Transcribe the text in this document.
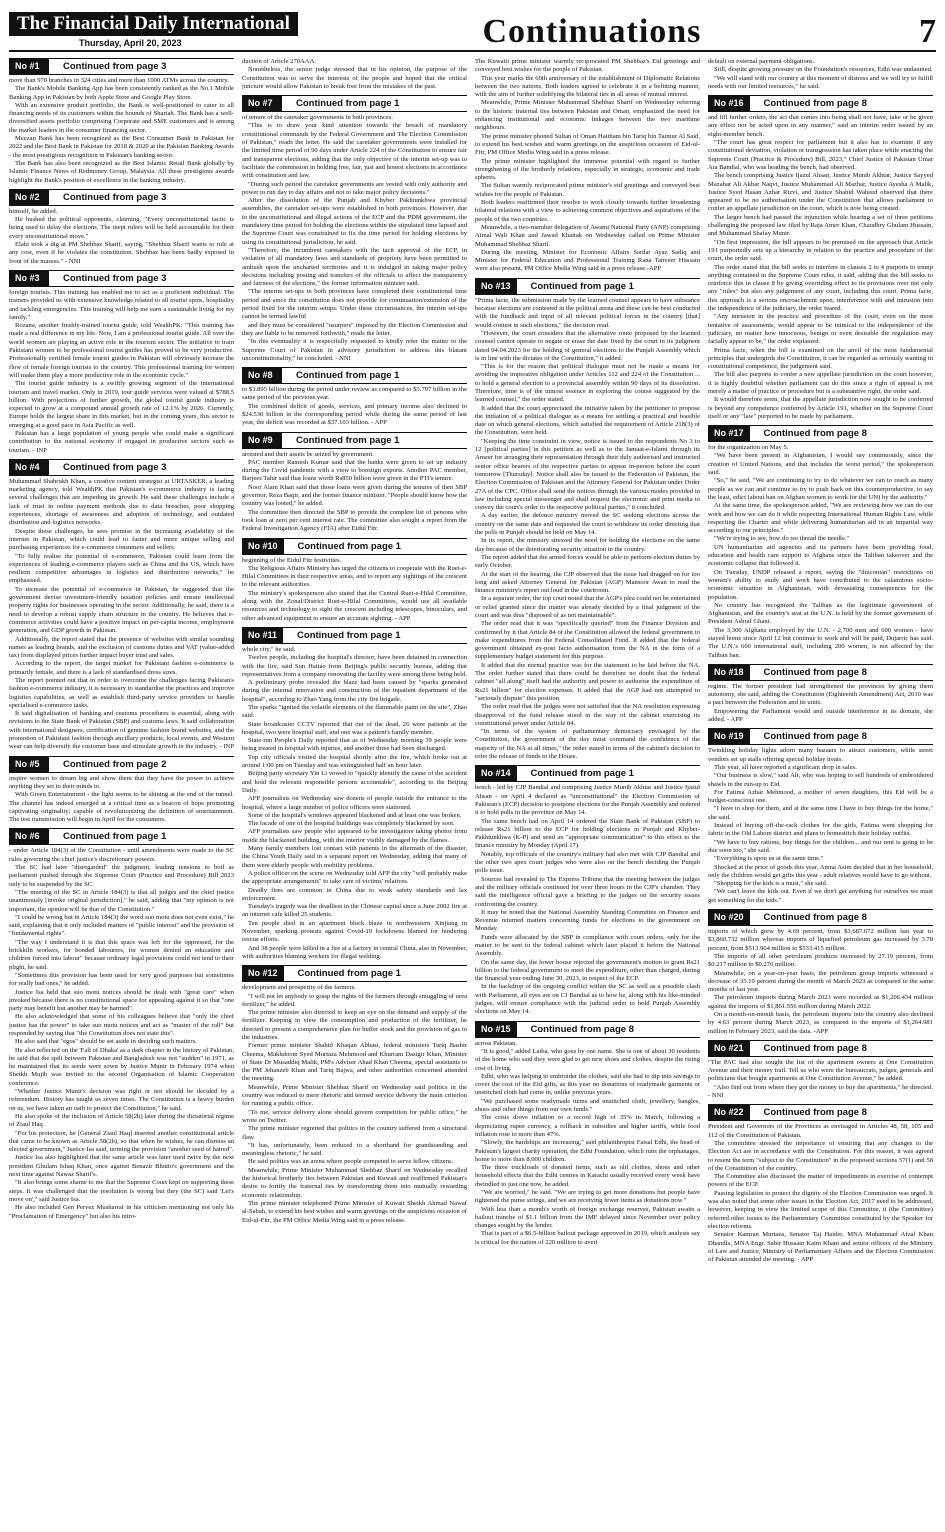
The Financial Daily International
Thursday, April 20, 2023	Continuations	7
No #1	Continued from page 3

more than 970 branches in 324 cities and more than 1000 ATMs across the country.

The Bank's Mobile Banking App has been consistently ranked as the No.1 Mobile Banking App in Pakistan by both Apple Store and Google Play Store.

With an extensive product portfolio, the Bank is well-positioned to cater to all financing needs of its customers within the bounds of Shariah. The Bank has a well-diversified assets portfolio comprising Corporate and SME customers and is among the market leaders in the consumer financing sector.

Meezan Bank has been recognized as the Best Consumer Bank in Pakistan for 2022 and the Best Bank in Pakistan for 2018 & 2020 at the Pakistan Banking Awards - the most prestigious recognition in Pakistan's banking sector.

The Bank has also been recognized as the Best Islamic Retail Bank globally by Islamic Finance News of Redmoney Group, Malaysia. All these prestigious awards highlight the Bank's position of excellence in the banking industry.

No #2	Continued from page 3

himself, he added.

He hushed the political opponents, claiming, "Every unconstitutional tactic is being used to delay the elections. The inept rulers will be held accountable for their every unconstitutional move."

Elahi took a dig at PM Shehbaz Sharif, saying, "Shehbaz Sharif wants to rule at any cost, even if he violates the constitution. Shehbaz has been badly exposed in front of the masses." - NNI

No #3	Continued from page 3

foreign tourists. This training has enabled me to act as a proficient individual. The trainers provided us with extensive knowledge related to all tourist spots, hospitality and tackling emergencies. This training will help me earn a sustainable living for my family."

Rozana, another freshly-trained tourist guide, told WealthPK: "This training has made a real difference in my life. Now, I am a professional tourist guide. All over the world women are playing an active role in the tourism sector. The initiative to train Pakistani women to be professional tourist guides has proved to be very productive. Professionally certified female tourist guides in Pakistan will obviously increase the flow of female foreign tourists to the country. This professional training for women will make them play a more productive role in the economic cycle."

The tourist guide industry is a swiftly growing segment of the international tourism and travel market. Only in 2019, tour guide services were valued at $788.5 billion. With projections of further growth, the global tourist guide industry is expected to grow at a compound annual growth rate of 12.1% by 2026. Currently, Europe holds the largest share in this market, but in the coming years, this sector is emerging at a good pace in Asia Pacific as well.

Pakistan has a large population of young people who could make a significant contribution to the national economy if engaged in productive sectors such as tourism. - INP

No #4	Continued from page 3

Muhammad Shahrukh Khan, a creative content strategist at URTASKER, a leading marketing agency, told WealthPK that Pakistan's e-commerce industry is facing several challenges that are impeding its growth. He said these challenges include a lack of trust in online payment methods due to data breaches, poor shopping experiences, shortage of awareness and adoption of technology, and outdated distribution and logistics networks.

Despite these challenges, he sees promise in the increasing availability of the internet in Pakistan, which could lead to faster and more unique selling and purchasing experiences for e-commerce consumers and sellers.

"To fully realise the potential of e-commerce, Pakistan could learn from the experiences of leading e-commerce players such as China and the US, which have resilient competitive advantages in logistics and distribution networks," he emphasised.

To increase the potential of e-commerce in Pakistan, he suggested that the government devise investment-friendly taxation policies and ensure intellectual property rights for businesses operating in the sector. Additionally, he said, there is a need to develop a robust supply chain structure in the country. He believes that e-commerce activities could have a positive impact on per-capita income, employment generation, and GDP growth in Pakistan.

Additionally, the report stated that the presence of websites with similar sounding names as leading brands, and the exclusion of customs duties and VAT (value-added tax) from displayed prices further impact buyer trust and sales.

According to the report, the target market for Pakistani fashion e-commerce is primarily female, and there is a lack of standardised dress sizes.

The report pointed out that in order to overcome the challenges facing Pakistan's fashion e-commerce industry, it is necessary to standardise the practices and improve logistics capabilities, as well as establish third-party service providers to handle specialised e-commerce tasks.

It said digitalisation of banking and customs procedures is essential, along with revisions to the State Bank of Pakistan (SBP) and customs laws. It said collaboration with international designers, certification of genuine fashion brand websites, and the promotion of Pakistani fashion through ancillary products, local events, and Western wear can help diversify the customer base and stimulate growth in the industry. - INP

No #5	Continued from page 2

inspire women to dream big and show them that they have the power to achieve anything they set to their minds to.

With Green Entertainment - the light seems to be shining at the end of the tunnel. The channel has indeed emerged at a critical time as a beacon of hope promoting captivating originality; capable of revolutionizing the definition of entertainment. The test transmission will begin in April for the consumers.

No #6	Continued from page 1

- under Article 184(3) of the Constitution - until amendments were made to the SC rules governing the chief justice's discretionary powers.

The SC had later "disregarded" the judgment, leading tensions to boil as parliament pushed through the Supreme Court (Practice and Procedure) Bill 2023 only to be suspended by the SC.

"The meeting of the SC in Article 184(3) is that all judges and the chief justice unanimously [invoke original jurisdiction]," he said, adding that "my opinion is not important, the opinion will be that of the Constitution."

"I could be wrong but in Article 184(3) the word suo motu does not even exist," he said, explaining that it only included matters of "public interest" and the provision of "fundamental rights".

"The way I understand it is that this space was left for the oppressed, for the brickkiln workers, for bonded labourers, for women denied an education and children forced into labour" because ordinary legal provisions could not tend to their plight, he said.

"Sometimes this provision has been used for very good purposes but sometimes for really bad ones," he added.

Justice Isa held that suo motu notices should be dealt with "great care" when invoked because there is no constitutional space for appealing against it so that "one party may benefit but another may be harmed".

He also acknowledged that some of his colleagues believe that "only the chief justice has the power" to take suo motu notices and act as "master of the roll" but responded by saying that "the Constitution does not state this".

He also said that "egos" should be set aside in deciding such matters.

He also reflected on the 'Fall of Dhaka' as a dark chapter in the history of Pakistan, he said that the spilt between Pakistan and Bangladesh was not "sudden" in 1971, as he maintained that its seeds were sown by Justice Munir in February 1974 when Sheikh Mujib was invited to the second Organisation of Islamic Cooperation conference.

"Whether Justice Munir's decision was right or not should be decided by a referendum. History has taught us seven times. The Constitution is a heavy burden on us, we have taken an oath to protect the Constitution," he said.

He also spoke of the inclusion of Article 58(2b) later during the dictatorial regime of Ziaul Haq.

"For his protection, he [General Ziaul Haq] inserted another constitutional article that came to be known as Article 58(2b), so that when he wishes, he can dismiss an elected government," Justice Isa said, terming the provision "another seed of hatred".

Justice Isa also highlighted that the same article was later used twice by the next president Ghulam Ishaq Khan, once against Benazir Bhutto's government and the next time against Nawaz Sharif's.

"It also brings some shame to me that the Supreme Court kept on supporting these steps. It was challenged that the resolution is wrong but they (the SC) said 'Let's move on'," said Justice Isa.

He also included Gen Pervez Musharraf in his criticism mentioning not only his "Proclamation of Emergency" but also his intro-

duction of Article 270AAA.

Nonetheless, the senior judge stressed that in his opinion, the purpose of the Constitution was to serve the interests of the people and hoped that the critical juncture would allow Pakistan to break free from the mistakes of the past.

No #7	Continued from page 1

of tenure of the caretaker governments in both provinces.

"This is to draw your kind attention towards the breach of mandatory constitutional commands by the Federal Government and The Election Commission of Pakistan," reads the letter. He said the caretaker governments were installed for the limited time period of 90 days under Article 224 of the Constitution to ensure fair and transparent elections, adding that the only objective of the interim set-up was to facilitate the commission in holding free, fair, just and honest elections in accordance with constitution and law.

"During such period the caretaker governments are vested with only authority and power to run day to day affairs and not to take major policy decisions."

After the dissolution of the Punjab and Khyber Pakhtunkhwa provincial assemblies, the caretaker set-ups were established in both provinces. However, due to the unconstitutional and illegal actions of the ECP and the PDM government, the mandatory time period for holding the elections within the stipulated time lapsed and the Supreme Court was constrained to fix the time period for holding elections by using its constitutional jurisdiction, he said.

"Therefore, the incumbent caretakers with the tacit approval of the ECP, in violation of all mandatory laws and standards of propriety have been permitted to ambush upon the uncharted territories and it is indulged in taking major policy decisions including posting and transfers of the officials to affect the transparency and fairness of the elections," the former information minister said.

"The interim set-ups in both provinces have completed their constitutional time period and since the constitution does not provide for continuation/extension of the period fixed for the interim setups. Under these circumstances, the interim set-ups cannot be termed lawful

and they must be considered "usurpers" imposed by the Election Commission and they are liable to be removed forthwith," reads the letter.

"In this eventuality it is respectfully requested to kindly refer the matter to the Supreme Court of Pakistan in advisory jurisdiction to address this blatant unconstitutionality," he concluded. - NNI

No #8	Continued from page 1

to $3.895 billion during the period under review as compared to $3.797 billion in the same period of the previous year.

The combined deficit of goods, services, and primary income also declined to $24.530 billion in the corresponding period while during the same period of last year, the deficit was recorded at $37.103 billion. - APP

No #9	Continued from page 1

arrested and their assets be seized by government.

PAC member Ramesh Kumar said that the banks were given to set up industry during the Covid pandemic with a view to boostign exports. Another PAC member, Barjees Tahir said that loans worth Rs850 billion were given in the PTI's tenure.

Noor Alam Khan said that those loans were given during the tenures of then SBP governor, Reza Baqir, and the former finance minister. "People should know how the country was looted," he added.

The committee then directed the SBP to provide the complete list of persons who took loan at zero per cent interest rate. The committee also sought a report from the Federal Investigation Agency (FIA) after Eidul Fitr.

No #10	Continued from page 1

beginning of the Eidul Fitr festivities.

The Religious Affairs Ministry has urged the citizens to cooperate with the Ruet-e-Hilal Committees in their respective areas, and to report any sightings of the crescent to the relevant authorities.

The ministry's spokesperson also stated that the Central Ruet-e-Hilal Committee, along with the Zonal/District Ruet-e-Hilal Committees, would use all available resources and technology to sight the crescent including telescopes, binoculars, and other advanced equipment to ensure an accurate sighting. - APP

No #11	Continued from page 1

whole city," he said.

Twelve people, including the hospital's director, have been detained in connection with the fire, said Sun Haitao from Beijing's public security bureau, adding that representatives from a company renovating the facility were among those being held.

A preliminary probe revealed the blaze had been caused by "sparks generated during the internal renovation and construction of the inpatient department of the hospital", according to Zhao Yang from the city fire brigade.

The sparks "ignited the volatile elements of the flammable paint on the site", Zhao said.

State broadcaster CCTV reported that out of the dead, 26 were patients at the hospital, two were hospital staff, and one was a patient's family member.

State-run People's Daily reported that as of Wednesday morning 39 people were being treated in hospital with injuries, and another three had been discharged.

Top city officials visited the hospital shortly after the fire, which broke out at around 1:00 pm on Tuesday and was extinguished half an hour later.

Beijing party secretary Yin Li vowed to "quickly identify the cause of the accident and hold the relevant responsible persons accountable", according to the Beijing Daily.

AFP journalists on Wednesday saw dozens of people outside the entrance to the hospital, where a large number of police officers were stationed.

Some of the hospital's windows appeared blackened and at least one was broken.

The facade of one of the hospital buildings was completely blackened by soot.

AFP journalists saw people who appeared to be investigators taking photos from inside the blackened building, with the interior visibly damaged by the flames.

Many family members lost contact with patients in the aftermath of the disaster, the China Youth Daily said in a separate report on Wednesday, adding that many of them were elderly people with mobility problems.

A police officer on the scene on Wednesday told AFP the city "will probably make the appropriate arrangements" to take care of victims' relatives.

Deadly fires are common in China due to weak safety standards and lax enforcement.

Tuesday's tragedy was the deadliest in the Chinese capital since a June 2002 fire at an internet cafe killed 25 students.

Ten people died in an apartment block blaze in northwestern Xinjiang in November, sparking protests against Covid-19 lockdowns blamed for hindering rescue efforts.

And 38 people were killed in a fire at a factory in central China, also in November, with authorities blaming workers for illegal welding.

No #12	Continued from page 1

development and prosperity of the farmers.

"I will not let anybody to grasp the rights of the farmers through smuggling of urea fertilizer," he added.

The prime minister also directed to keep an eye on the demand and supply of the fertilizer. Keeping in view the consumption and production of the fertilizer, he directed to present a comprehensive plan for buffer stock and the provision of gas to the industries.

Former prime minister Shahid Khaqan Abbasi, federal ministers Tariq Bashir Cheema, Makhdoom Syed Murtaza Mehmood and Khurram Dastgir Khan, Minister of State Dr Musaddiq Malik, PM's Adviser Ahad Khan Cheema, special assistants to the PM Jehanzeb Khan and Tariq Bajwa, and other authorities concerned attended the meeting.

Meanwhile, Prime Minister Shehbaz Sharif on Wednesday said politics in the country was reduced to mere rhetoric and termed service delivery the main criterion for running a public office.

"To me, service delivery alone should govern competition for public office," he wrote on Twitter.

The prime minister regretted that politics in the country suffered from a structural flaw.

"It has, unfortunately, been reduced to a shorthand for grandstanding and meaningless rhetoric," he said.

He said politics was an arena where people competed to serve fellow citizens.

Meanwhile, Prime Minister Muhammad Shehbaz Sharif on Wednesday recalled the historical brotherly ties between Pakistan and Kuwait and reaffirmed Pakistan's desire to fortify the fraternal ties by transforming them into mutually rewarding economic relationship.

The prime minister telephoned Prime Minister of Kuwait Sheikh Ahmad Nawaf al-Sabah, to extend his best wishes and warm greetings on the auspicious occasion of Eid-ul-Fitr, the PM Office Media Wing said in a press release.

The Kuwaiti prime minister warmly reciprocated PM Shehbaz's Eid greetings and conveyed best wishes for the people of Pakistan.

This year marks the 60th anniversary of the establishment of Diplomatic Relations between the two nations. Both leaders agreed to celebrate it in a befitting manner, with the aim of further solidifying the bilateral ties in all areas of mutual interest.

Meanwhile, Prime Minister Muhammad Shehbaz Sharif on Wednesday referring to the historic fraternal ties between Pakistan and Oman, emphasized the need for enhancing institutional and economic linkages between the two maritime neighbours.

The prime minister phoned Sultan of Oman Haitham bin Tariq bin Taimur Al Said, to extend his best wishes and warm greetings on the auspicious occasion of Eid-ul-Fitr, PM Office Media Wing said in a press release.

The prime minister highlighted the immense potential with regard to further strengthening of the brotherly relations, especially in strategic, economic and trade spheres.

The Sultan warmly reciprocated prime minister's eid greetings and conveyed best wishes for the people of Pakistan.

Both leaders reaffirmed their resolve to work closely towards further broadening bilateral relations with a view to achieving common objectives and aspirations of the people of the two countries.

Meanwhile, a two-member delegation of Awami National Party (ANP) comprising Aimal Wali Khan and Jawad Khattak on Wednesday called on Prime Minister Muhammad Shehbaz Sharif.

During the meeting, Minister for Economic Affairs Sardar Ayaz Sadiq and Minister for Federal Education and Professional Training Rana Tanveer Hussain were also present, PM Office Media Wing said in a press release.-APP

No #13	Continued from page 1

"Prima facie, the submission made by the learned counsel appears to have substance because elections are contested in the political arena and these can be best conducted with the fundback and input of all relevant political forces in the country [that] would contest in such elections," the decision read.

"However, the court considers that the alternative route proposed by the learned counsel cannot operate to negate or erase the date fixed by the court in its judgment dated 04.04.2023 for the holding of general elections to the Punjab Assembly which is in line with the dictates of the Constitution," it added.

"This is for the reason that political dialogue must not be made a means for avoiding the imperative obligation under Articles 112 and 224 of the Constitution ... to hold a general election to a provincial assembly within 90 days of its dissolution. Therefore, time is of the utmost essence in exploring the course suggested by the learned counsel," the order stated.

It added that the court appreciated the initiative taken by the petitioner to propose the initiation of a political dialogue as a means for settling a practical and feasible date on which general elections, which satisfied the requirement of Article 218(3) of the Constitution, were held.

"Keeping the time constraint in view, notice is issued to the respondents No 3 to 12 [political parties] in this petition as well as to the Jamaat-e-Islami through its Ameer for arranging their representation through their duly authorised and instructed senior office bearers of the respective parties to appear in-person before the court tomorrow [Thursday]. Notice shall also be issued to the Federation of Pakistan, the Election Commission of Pakistan and the Attorney General for Pakistan under Order 27A of the CPC. Office shall send the notices through the various modes provided in law including special messenger and shall request the electronic and print media to convey the court's order to the respective political parties," it concluded.

A day earlier, the defence ministry moved the SC seeking elections across the country on the same date and requested the court to withdraw its order directing that the polls in Punjab should be held on May 14.

In its report, the ministry stressed the need for holding the elections on the same day because of the deteriorating security situation in the country.

The report added that the armed forces would be able to perform election duties by early October.

At the start of the hearing, the CJP observed that the issue had dragged on for too long and asked Attorney General for Pakistan (AGP) Mansoor Awan to read the finance ministry's report out loud in the courtroom.

In a separate order, the top court noted that the AGP's plea could not be entertained or relief granted since the matter was already decided by a final judgment of the court and was thus "disposed of as not maintainable".

The order read that it was "specifically queried" from the Finance Division and confirmed by it that Article 84 of the Constitution allowed the federal government to make expenditures from the Federal Consolidated Fund. It added that the federal government obtained ex-post facto authorisation from the NA in the form of a supplementary budget statement for this purpose.

It added that the normal practice was for the statement to be laid before the NA. The order further stated that there could be therefore no doubt that the federal cabinet "all along" itself had the authority and power to authorise the expenditure of Rs21 billion" for election expenses. It added that the AGP had not attempted to "seriously dispute" this position.

The order read that the judges were not satisfied that the NA resolution expressing disapproval of the fund release stood in the way of the cabinet exercising its constitutional power under Article 84.

"In terms of the system of parliamentary democracy envisaged by the Constitution, the government of the day must command the confidence of the majority of the NA at all times," the order stated in terms of the cabinet's decision to refer the release of funds to the House.

No #14	Continued from page 1

bench - led by CJP Bandial and comprising Justice Munib Akhtar and Justice Ijazul Ahsan - on April 4 declared as "unconstitutional" the Election Commission of Pakistan's (ECP) decision to postpone elections for the Punjab Assembly and ordered it to hold polls in the province on May 14.

The same bench had on April 14 ordered the State Bank of Pakistan (SBP) to release Rs21 billion to the ECP for holding elections in Punjab and Khyber-Pakhtunkhwa (K-P) and send an "appropriate communication" to this effect to the finance ministry by Monday (April 17).

Notably, top officials of the country's military had also met with CJP Bandial and the other two apex court judges who were also on the bench deciding the Punjab polls issue.

Sources had revealed to The Express Tribune that the meeting between the judges and the military officials continued for over three hours in the CJP's chamber. They said the intelligence official gave a briefing to the judges on the security issues confronting the country.

It may be noted that the National Assembly Standing Committee on Finance and Revenue returned matters concerning funds for elections to the government on Monday.

Funds were allocated by the SBP in compliance with court orders, only for the matter to be sent to the federal cabinet which later placed it before the National Assembly.

On the same day, the lower house rejected the government's motion to grant Rs21 billion to the federal government to meet the expenditure, other than charged, during the financial year ending June 30, 2023, in respect of the ECP.

In the backdrop of the ongoing conflict within the SC as well as a possible clash with Parliament, all eyes are on CJ Bandial as to how he, along with his like-minded judges, will ensure compliance with the judicial order to hold Punjab Assembly elections on May 14.

No #15	Continued from page 8

across Pakistan.

"It is good," added Laiba, who goes by one name. She is one of about 30 residents of the home who said they were glad to get new shoes and clothes, despite the rising cost of living.

Edhi, who was helping to embroider the clothes, said she had to dip into savings to cover the cost of the Eid gifts, as this year no donations of readymade garments or unstitched cloth had come in, unlike previous years.

"We purchased some readymade items and unstitched cloth, jewellery, bangles, shoes and other things from our own funds."

The crisis drove inflation to a record high of 35% in March, following a depreciating rupee currency, a rollback in subsidies and higher tariffs, while food inflation rose to more than 47%.

"Slowly, the hardships are increasing," said philanthropist Faisal Edhi, the head of Pakistan's largest charity operation, the Edhi Foundation, which runs the orphanages, home to more than 8,000 children.

The three truckloads of donated items, such as old clothes, shoes and other household effects that the Edhi centres in Karachi usually received every week have dwindled to just one now, he added.

"We are worried," he said. "We are trying to get more donations but people have tightened the purse strings, and we are receiving fewer items as donations now."

With less than a month's worth of foreign exchange reserves, Pakistan awaits a bailout tranche of $1.1 billion from the IMF delayed since November over policy changes sought by the lender.

That is part of a $6.5-billion bailout package approved in 2019, which analysts say is critical for the nation of 220 million to avert

default on external payment obligations.

Still, despite growing pressure on the Foundation's resources, Edhi was undaunted.

"We will stand with our country at this moment of distress and we will try to fulfill needs with our limited resources," he said.

No #16	Continued from page 8

and fill further orders, the act that comes into being shall not have, take or be given any effect nor be acted upon in any manner," said an interim order issued by an eight-member bench.

"The court has great respect for parliament but it also has to examine if any constitutional deviation, violation or transgression has taken place while enacting the Supreme Court (Practice & Procedure) Bill, 2023," Chief Justice of Pakistan Umar Ata Bandial, who was heading the bench, had observed.

The bench comprising Justice Ijazul Ahsan, Justice Munib Akhtar, Justice Sayyed Mazahar Ali Akbar Naqvi, Justice Muhammad Ali Mazhar, Justice Ayesha A Malik, Justice Syed Hasan Azhar Rizvi, and Justice Shahid Waheed observed that there appeared to be no authorisation under the Constitution that allows parliament to confer an appellate jurisdiction on the court, which is now being created.

The larger bench had passed the injunction while hearing a set of three petitions challenging the proposed law filed by Raja Amer Khan, Chaudhry Ghulam Hussain, and Muhammad Shafay Munir.

"On first impression, the bill appears to be premised on the approach that Article 191 purportedly sets up a hierarchy in relation to the practice and procedure of the court, the order said.

The order stated that the bill seeks to interfere in clauses 2 to 4 purports to trump anything contained in the Supreme Court rules, it said, adding that the bill seeks to reinforce this in clause 8 by giving overriding effect to its provisions over not only any "rules" but also any judgement of any court, including this court. Prima facie, this approach is a serious encroachment upon, interference with and intrusion into the independence of the judiciary, the order feared.

"Any intrusion in the practice and procedure of the court, even on the most tentative of assessments, would appear to be inimical to the independence of the judiciary, no matter how innocuous, benign or even desirable the regulation may facially appear to be," the order explained.

Prima facie, when the bill is examined on the anvil of the most fundamental principles that undergirds the Constitution, it can be regarded as seriously wanting in constitutional competence, the judgement said.

The bill also purports to confer a new appellate jurisdiction on the court however, it is highly doubtful whether parliament can do this since a right of appeal is not merely a matter of practice or procedure but is a substantive right, the order said.

It would therefore seem, that the appellate jurisdiction now sought to be conferred is beyond any competence conferred by Article 191, whether on the Supreme Court itself or any "law" purported to be made by parliament.

No #17	Continued from page 8

for the organization on May 5.

"We have been present in Afghanistan, I would say continuously, since the creation of United Nations, and that includes the worst period," the spokesperson said.

"So," he said, "We are continuing to try to do whatever we can to reach as many people as we can and continue to try to push back on this counterproductive, to say the least, edict (about ban on Afghan women to work for the UN) by the authority."

At the same time, the spokesperson added, "We are reviewing how we can do our work and how we can do it while respecting International Human Rights Law, while respecting the Charter and while delivering humanitarian aid in an impartial way according to our principles."

"We're trying to see, how do we thread the needle."

UN humanitarian aid agencies and its partners have been providing food, education and health care support to Afghans since the Taliban takeover and the economic collapse that followed it.

On Tuesday, UNDP released a report, saying the "draconian" restrictions on women's ability to study and work have contributed to the calamitous socio-economic situation in Afghanistan, with devastating consequences for the population.

No country has recognized the Taliban as the legitimate government of Afghanistan, and the country's seat at the U.N. is held by the former government of President Ashraf Ghani.

The 3,300 Afghans employed by the U.N. - 2,700 men and 600 women - have stayed home since April 12 but continue to work and will be paid, Dujarric has said. The U.N.'s 600 international staff, including 200 women, is not affected by the Taliban ban.

No #18	Continued from page 8

regime. The former president had strengthened the provinces by giving them autonomy, she said, adding the Constitution (Eighteenth Amendment) Act, 2010 was a pact between the Federation and its units.

Empowering the Parliament would and outside interference in its domain, she added. - APP

No #19	Continued from page 8

Twinkling holiday lights adorn many bazaars to attract customers, while street vendors set up stalls offering special holiday treats.

This year, all have reported a significant drop in sales.

"Our business is slow," said Ali, who was hoping to sell hundreds of embroidered shawls in the run-up to Eid.

For Fatima Azhar Mehmood, a mother of seven daughters, this Eid will be a budget-conscious one.

"I have to shop for them, and at the same time I have to buy things for the home," she said.

Instead of buying off-the-rack clothes for the girls, Fatima went shopping for fabric in the Old Lahore district and plans to homestitch their holiday outfits.

"We have to buy rations, buy things for the children... and our rent is going to be due soon too," she said.

"Everything is upon us at the same time."

Shocked at the price of goods this year, Amna Asim decided that in her household, only the children would get gifts this year - adult relatives would have to go without.

"Shopping for the kids is a must," she said.

"We can't leave the kids out. Even if we don't get anything for ourselves we must get something for the kids."

No #20	Continued from page 8

imports of which grew by 4.69 percent, from $3,687.672 million last year to $3,860.732 million whereas imports of liquefied petroleum gas increased by 3.78 percent, from $513.964 million to $533.415 million.

The imports of all other petroleum products increased by 27.19 percent, from $0.217 million to $0.276 million.

Meanwhile, on a year-on-year basis, the petroleum group imports witnessed a decrease of 35.19 percent during the month of March 2023 as compared to the same months of last year.

The petroleum imports during March 2023 were recorded as $1,206.434 million against the imports of $1,861.556 million during March 2022.

On a month-on-month basis, the petroleum imports into the country also declined by 4.63 percent during March 2023, as compared to the imports of $1,264.981 million in February 2023, said the data. -APP

No #21	Continued from page 8

"The PAC had also sought the list of the apartment owners at One Constitution Avenue and their money trail. Tell us who were the bureaucrats, judges, generals and politicians that bought apartments at One Constitution Avenue," he added.

"Also find out from where they got the money to buy the apartments," he directed. - NNI

No #22	Continued from page 8

President and Governors of the Provinces as envisaged in Articles 48, 58, 105 and 112 of the Constitution of Pakistan.

The committee stressed the importance of ensuring that any changes to the Election Act are in accordance with the Constitution. For this reason, it was agreed to resent the term "subject to the Constitution" in the proposed sections 57(1) and 58 of the Constitution of the country.

The Committee also discussed the matter of impediments in exercise of contempt powers of the ECP.

Passing legislation to protect the dignity of the Election Commission was urged. It was also noted that some other issues in the Election Act, 2017 need to be addressed, however, keeping in view the limited scope of this Committee, it (the Committee) referred other issues to the Parliamentary Committee constituted by the Speaker for election reforms.

Senator Kamran Murtaza, Senator Taj Haider, MNA Muhammad Afzal Khan Dhandla, MNA Engr. Sabir Hussain Kaim Khani and senior officers of the Ministry of Law and Justice, Ministry of Parliamentary Affairs and the Election Commission of Pakistan attended the meeting. - APP
